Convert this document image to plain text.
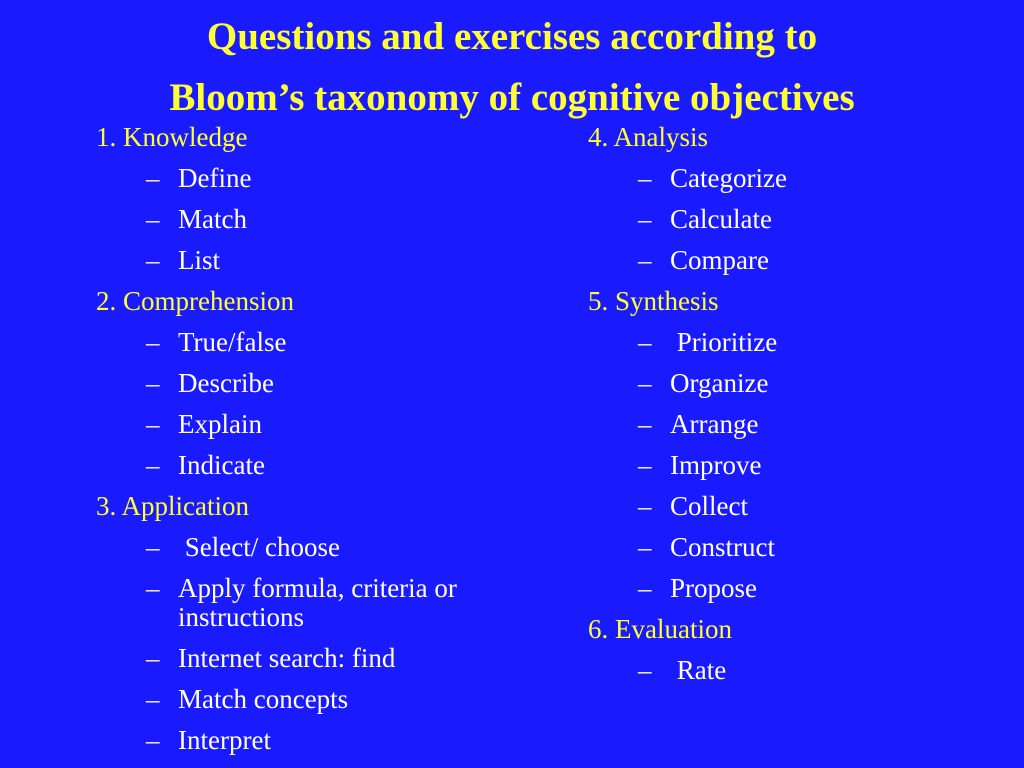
Questions and exercises according to
Bloom’s taxonomy of cognitive objectives

1. Knowledge

– Define
– Match
– List

2. Comprehension

– True/false
– Describe
– Explain
– Indicate

3. Application

– Select/ choose
– Apply formula, criteria or  instructions
– Internet search: find
– Match concepts
– Interpret

4. Analysis

– Categorize
– Calculate
– Compare

5. Synthesis

– Prioritize
– Organize
– Arrange
– Improve
– Collect
– Construct
– Propose

6. Evaluation

– Rate
